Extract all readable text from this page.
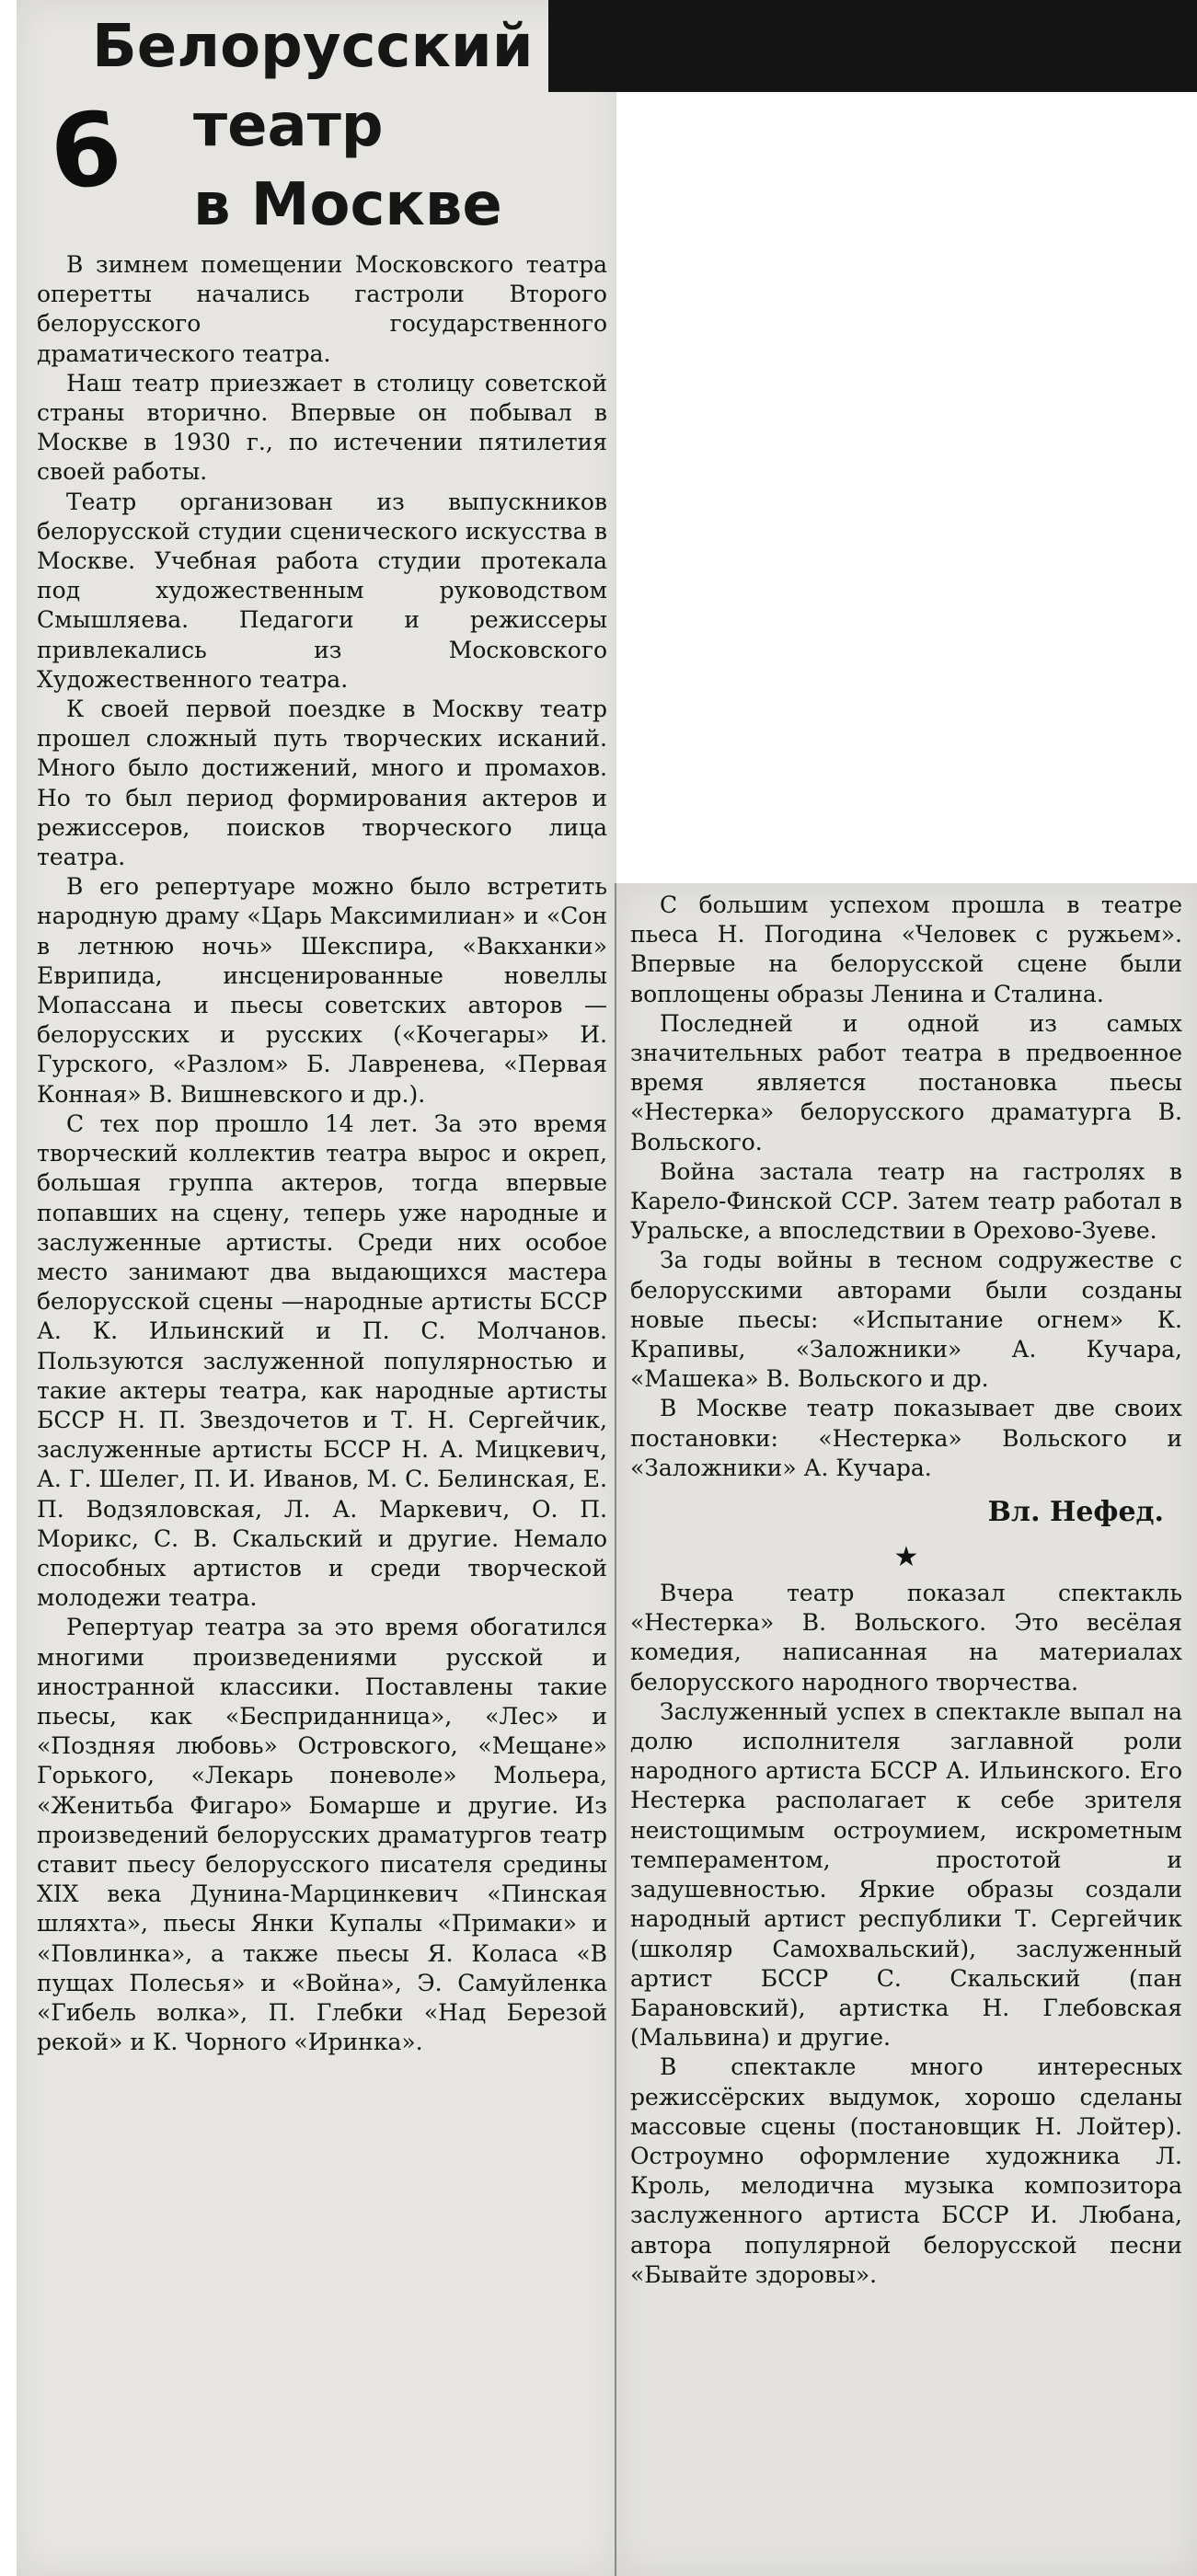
Белорусский
театр
в Москве
6

В зимнем помещении Московского театра оперетты начались гастроли Второго белорусского государственного драматического театра.

Наш театр приезжает в столицу советской страны вторично. Впервые он побывал в Москве в 1930 г., по истечении пятилетия своей работы.

Театр организован из выпускников белорусской студии сценического искусства в Москве. Учебная работа студии протекала под художественным руководством Смышляева. Педагоги и режиссеры привлекались из Московского Художественного театра.

К своей первой поездке в Москву театр прошел сложный путь творческих исканий. Много было достижений, много и промахов. Но то был период формирования актеров и режиссеров, поисков творческого лица театра.

В его репертуаре можно было встретить народную драму «Царь Максимилиан» и «Сон в летнюю ночь» Шекспира, «Вакханки» Еврипида, инсценированные новеллы Мопассана и пьесы советских авторов — белорусских и русских («Кочегары» И. Гурского, «Разлом» Б. Лавренева, «Первая Конная» В. Вишневского и др.).

С тех пор прошло 14 лет. За это время творческий коллектив театра вырос и окреп, большая группа актеров, тогда впервые попавших на сцену, теперь уже народные и заслуженные артисты. Среди них особое место занимают два выдающихся мастера белорусской сцены —народные артисты БССР А. К. Ильинский и П. С. Молчанов. Пользуются заслуженной популярностью и такие актеры театра, как народные артисты БССР Н. П. Звездочетов и Т. Н. Сергейчик, заслуженные артисты БССР Н. А. Мицкевич, А. Г. Шелег, П. И. Иванов, М. С. Белинская, Е. П. Водзяловская, Л. А. Маркевич, О. П. Морикс, С. В. Скальский и другие. Немало способных артистов и среди творческой молодежи театра.

Репертуар театра за это время обогатился многими произведениями русской и иностранной классики. Поставлены такие пьесы, как «Бесприданница», «Лес» и «Поздняя любовь» Островского, «Мещане» Горького, «Лекарь поневоле» Мольера, «Женитьба Фигаро» Бомарше и другие. Из произведений белорусских драматургов театр ставит пьесу белорусского писателя средины XIX века Дунина-Марцинкевич «Пинская шляхта», пьесы Янки Купалы «Примаки» и «Повлинка», а также пьесы Я. Коласа «В пущах Полесья» и «Война», Э. Самуйленка «Гибель волка», П. Глебки «Над Березой рекой» и К. Чорного «Иринка».

С большим успехом прошла в театре пьеса Н. Погодина «Человек с ружьем». Впервые на белорусской сцене были воплощены образы Ленина и Сталина.

Последней и одной из самых значительных работ театра в предвоенное время является постановка пьесы «Нестерка» белорусского драматурга В. Вольского.

Война застала театр на гастролях в Карело-Финской ССР. Затем театр работал в Уральске, а впоследствии в Орехово-Зуеве.

За годы войны в тесном содружестве с белорусскими авторами были созданы новые пьесы: «Испытание огнем» К. Крапивы, «Заложники» А. Кучара, «Машека» В. Вольского и др.

В Москве театр показывает две своих постановки: «Нестерка» Вольского и «Заложники» А. Кучара.

Вл. Нефед.
★

Вчера театр показал спектакль «Нестерка» В. Вольского. Это весёлая комедия, написанная на материалах белорусского народного творчества.

Заслуженный успех в спектакле выпал на долю исполнителя заглавной роли народного артиста БССР А. Ильинского. Его Нестерка располагает к себе зрителя неистощимым остроумием, искрометным темпераментом, простотой и задушевностью. Яркие образы создали народный артист республики Т. Сергейчик (школяр Самохвальский), заслуженный артист БССР С. Скальский (пан Барановский), артистка Н. Глебовская (Мальвина) и другие.

В спектакле много интересных режиссёрских выдумок, хорошо сделаны массовые сцены (постановщик Н. Лойтер). Остроумно оформление художника Л. Кроль, мелодична музыка композитора заслуженного артиста БССР И. Любана, автора популярной белорусской песни «Бывайте здоровы».
